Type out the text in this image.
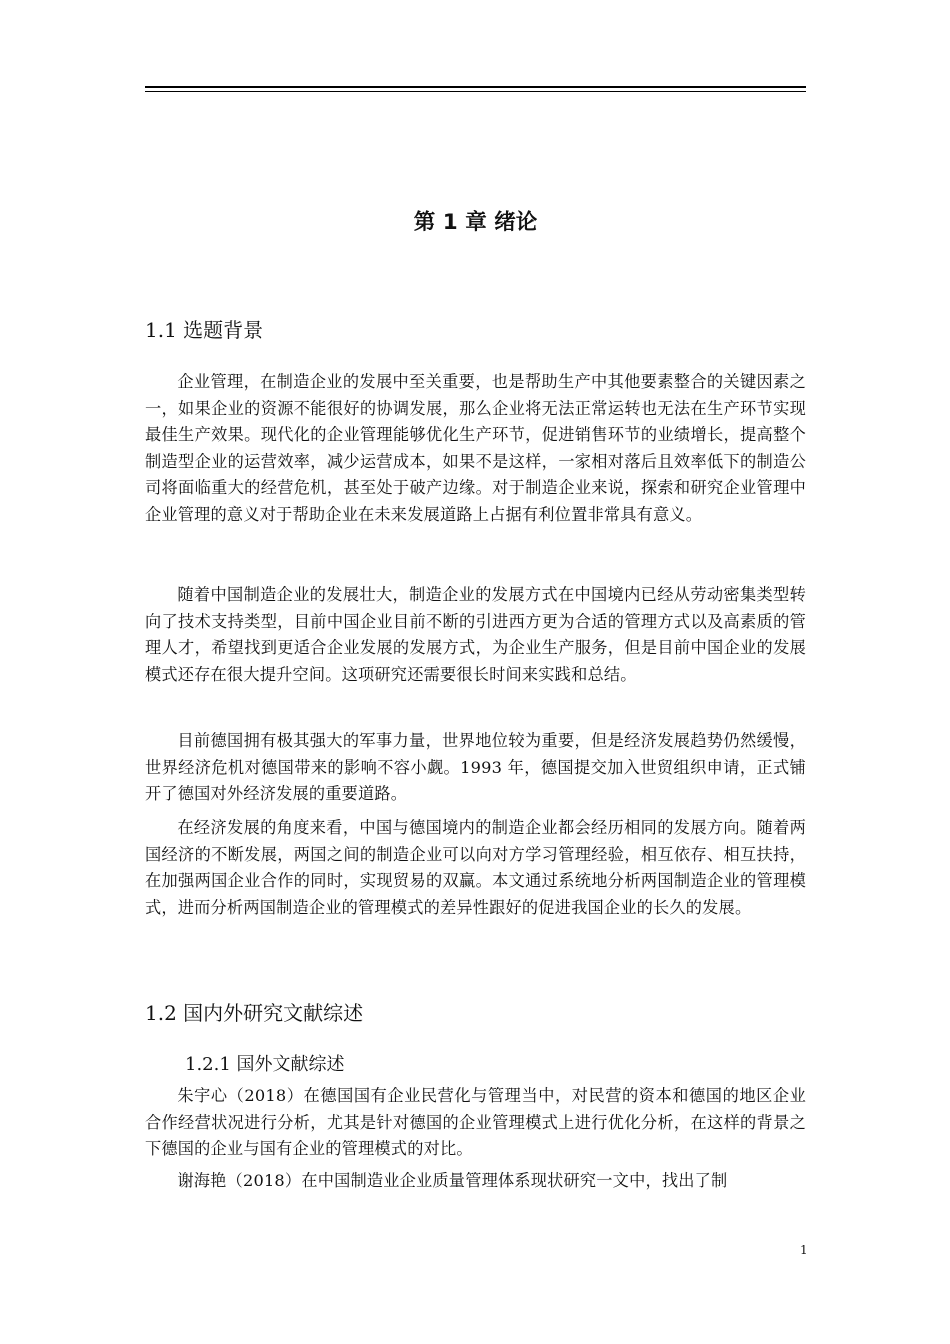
第 1 章 绪论
1.1 选题背景

企业管理，在制造企业的发展中至关重要，也是帮助生产中其他要素整合的关键因素之一，如果企业的资源不能很好的协调发展，那么企业将无法正常运转也无法在生产环节实现最佳生产效果。现代化的企业管理能够优化生产环节，促进销售环节的业绩增长，提高整个制造型企业的运营效率，减少运营成本，如果不是这样，一家相对落后且效率低下的制造公司将面临重大的经营危机，甚至处于破产边缘。对于制造企业来说，探索和研究企业管理中企业管理的意义对于帮助企业在未来发展道路上占据有利位置非常具有意义。

随着中国制造企业的发展壮大，制造企业的发展方式在中国境内已经从劳动密集类型转向了技术支持类型，目前中国企业目前不断的引进西方更为合适的管理方式以及高素质的管理人才，希望找到更适合企业发展的发展方式，为企业生产服务，但是目前中国企业的发展模式还存在很大提升空间。这项研究还需要很长时间来实践和总结。

目前德国拥有极其强大的军事力量，世界地位较为重要，但是经济发展趋势仍然缓慢，世界经济危机对德国带来的影响不容小觑。1993 年，德国提交加入世贸组织申请，正式铺开了德国对外经济发展的重要道路。

在经济发展的角度来看，中国与德国境内的制造企业都会经历相同的发展方向。随着两国经济的不断发展，两国之间的制造企业可以向对方学习管理经验，相互依存、相互扶持，在加强两国企业合作的同时，实现贸易的双赢。本文通过系统地分析两国制造企业的管理模式，进而分析两国制造企业的管理模式的差异性跟好的促进我国企业的长久的发展。

1.2 国内外研究文献综述
1.2.1 国外文献综述

朱宇心（2018）在德国国有企业民营化与管理当中，对民营的资本和德国的地区企业合作经营状况进行分析，尤其是针对德国的企业管理模式上进行优化分析，在这样的背景之下德国的企业与国有企业的管理模式的对比。

谢海艳（2018）在中国制造业企业质量管理体系现状研究一文中，找出了制

1
